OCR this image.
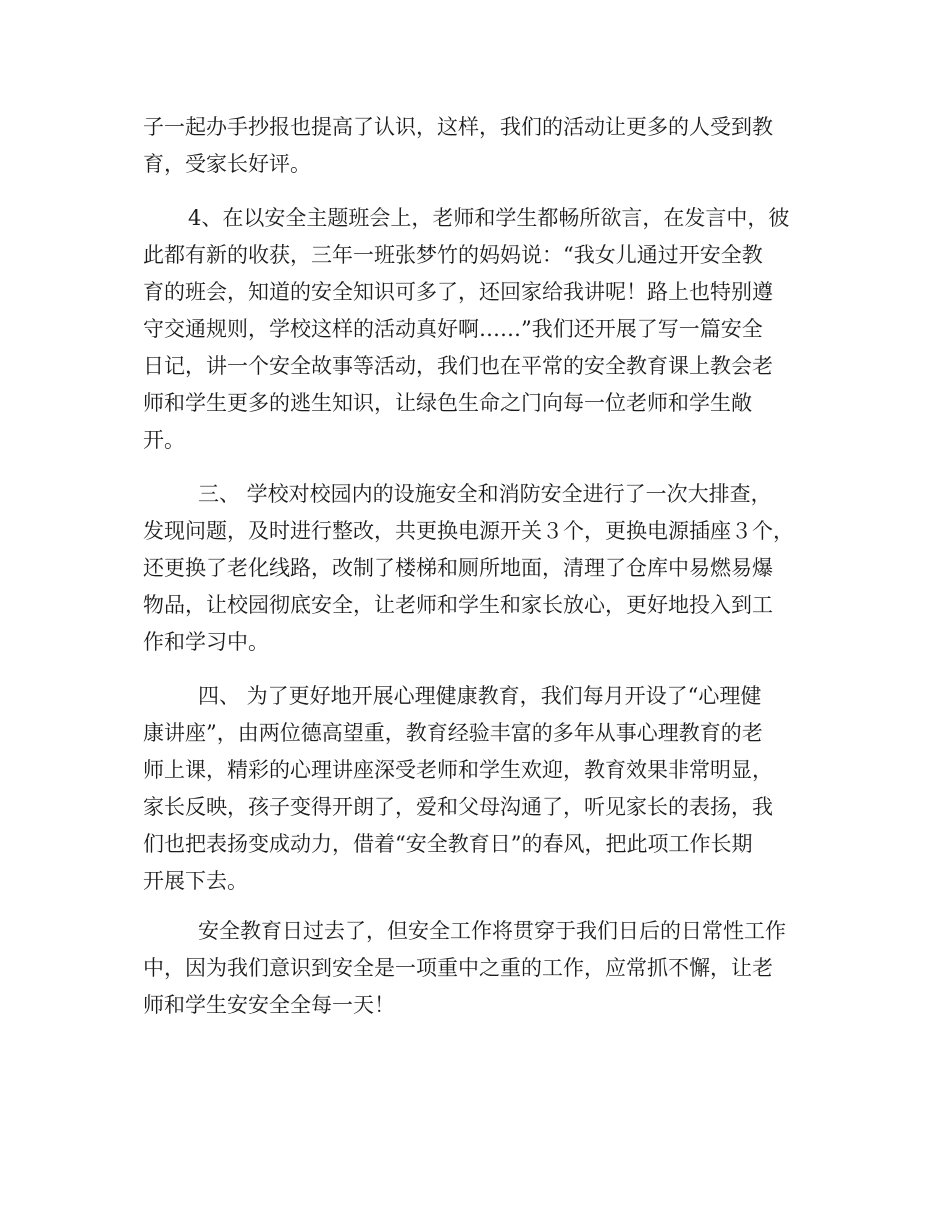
子一起办手抄报也提高了认识，这样，我们的活动让更多的人受到教
育，受家长好评。
4、在以安全主题班会上，老师和学生都畅所欲言，在发言中，彼
此都有新的收获，三年一班张梦竹的妈妈说：“我女儿通过开安全教
育的班会，知道的安全知识可多了，还回家给我讲呢！路上也特别遵
守交通规则，学校这样的活动真好啊……”我们还开展了写一篇安全
日记，讲一个安全故事等活动，我们也在平常的安全教育课上教会老
师和学生更多的逃生知识，让绿色生命之门向每一位老师和学生敞
开。
三、 学校对校园内的设施安全和消防安全进行了一次大排查，
发现问题，及时进行整改，共更换电源开关３个，更换电源插座３个，
还更换了老化线路，改制了楼梯和厕所地面，清理了仓库中易燃易爆
物品，让校园彻底安全，让老师和学生和家长放心，更好地投入到工
作和学习中。
四、 为了更好地开展心理健康教育，我们每月开设了“心理健
康讲座”，由两位德高望重，教育经验丰富的多年从事心理教育的老
师上课，精彩的心理讲座深受老师和学生欢迎，教育效果非常明显，
家长反映，孩子变得开朗了，爱和父母沟通了，听见家长的表扬，我
们也把表扬变成动力，借着“安全教育日”的春风，把此项工作长期
开展下去。
安全教育日过去了，但安全工作将贯穿于我们日后的日常性工作
中，因为我们意识到安全是一项重中之重的工作，应常抓不懈，让老
师和学生安安全全每一天！
